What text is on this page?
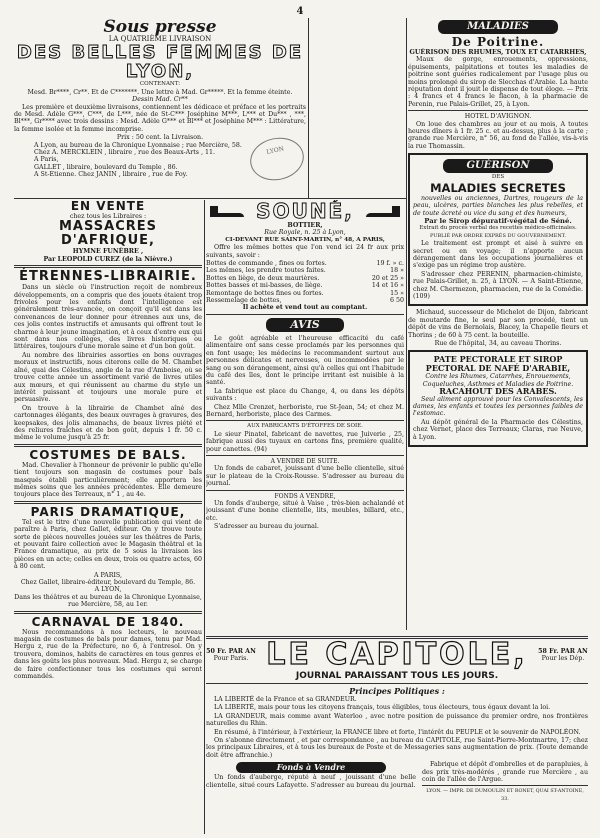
4
Sous presse
LA QUATRIÈME LIVRAISON
DES BELLES FEMMES DE LYON,
CONTENANT:
Mesd. Br****, Cr**. Et de C*******. Une lettre à Mad. Gr*****. Et la femme éteinte.
Dessin Mad. Cr**

Les première et deuxième livraisons, contiennent les dédicace et préface et les portraits de Mesd. Adèle G***, C***, de L***, née de St-C*** Joséphine M***, L*** et Du*** , ***, Bl***, Gr**** avec trois dessins : Mesd. Adèle G*** et Bl*** et Joséphine M*** : Littérature, la femme isolée et la femme incomprise.

Prix : 50 cent. la Livraison.
A Lyon, au bureau de la Chronique Lyonnaise ; rue Mercière, 58.
Chez A. MERCKLEIN , libraire , rue des Beaux-Arts , 11.
A Paris,
GALLET , libraire, boulevard du Temple , 86.
A St-Etienne. Chez JANIN , libraire , rue de Foy.

LYON
EN VENTE
chez tous les Libraires :
MASSACRES D'AFRIQUE,
HYMNE FUNÈBRE ,
Par LEOPOLD CUREZ (de la Nièvre.)
ÉTRENNES-LIBRAIRIE.

Dans un siècle où l'instruction reçoit de nombreux développements, on a compris que des jouets étaient trop frivoles pour les enfants dont l'intelligence est généralement très-avancée, on conçoit qu'il est dans les convenances de leur donner pour étrennes aux uns, de ces jolis contes instructifs et amusants qui offrent tout le charme à leur jeune imagination, et à ceux d'entre eux qui sont dans nos collèges, des livres historiques ou littéraires, toujours d'une morale saine et d'un bon goût.

Au nombre des librairies assorties en bons ouvrages moraux et instructifs, nous citerons celle de M. Chambet aîné, quai des Célestins, angle de la rue d'Amboise, où se trouve cette année un assortiment varié de livres utiles aux mœurs, et qui réunissent au charme du style un intérêt puissant et toujours une morale pure et persuasive.

On trouve à la librairie de Chambet aîné des cartonnages élégants, des beaux ouvrages à gravures, des keepsakes, des jolis almanachs, de beaux livres piété et des reliures fraîches et de bon goût, depuis 1 fr. 50 c. même le volume jusqu'à 25 fr.

COSTUMES DE BALS.

Mad. Chevalier à l'honneur de prévenir le public qu'elle tient toujours son magasin de costumes pour bals masqués établi particulièrement; elle apportera les mêmes soins que les années précédentes. Elle demeure toujours place des Terreaux, n° 1 , au 4e.

PARIS DRAMATIQUE,

Tel est le titre d'une nouvelle publication qui vient de paraître à Paris, chez Gallet, éditeur. On y trouve toute sorte de pièces nouvelles jouées sur les théâtres de Paris, et pouvant faire collection avec le Magasin théâtral et la France dramatique, au prix de 5 sous la livraison les pièces en un acte; celles en deux, trois ou quatre actes, 60 à 80 cent.

A PARIS,
Chez Gallet, libraire-éditeur, boulevard du Temple, 86.
A LYON,
Dans les théâtres et au bureau de la Chronique Lyonnaise, rue Mercière, 58, au 1er.
CARNAVAL DE 1840.

Nous recommandons à nos lecteurs, le nouveau magasin de costumes de bals pour dames, tenu par Mad. Hergu z, rue de la Préfecture, no 6, à l'entresol. On y trouvera, dominos, habits de caractères en tous genres et dans les goûts les plus nouveaux. Mad. Hergu z, se charge de faire confectionner tous les costumes qui seront commandés.

SOUNÉ,
BOTTIER,
Rue Royale, n. 25 à Lyon,
CI-DEVANT RUE SAINT-MARTIN, n° 48, A PARIS,

Offre les mêmes bottes que l'on vend ici 24 fr aux prix suivants, savoir :

Bottes de commande , fines ou fortes.	19 f. » c.
Les mêmes, les prendre toutes faites.	18 »
Bottes en liège, de deux maurières.	20 et 25 »
Bottes basses et mi-basses, de liège.	14 et 16 »
Remontage de bottes fines ou fortes.	15 »
Ressemelage de bottes,	6 50
Il achète et vend tout au comptant.
AVIS

Le goût agréable et l'heureuse efficacité du café alimentaire ont sans cesse proclamés par les personnes qui en font usage; les médecins le recommandent surtout aux personnes délicates et nerveuses, ou incommodées par le sang ou son dérangement, ainsi qu'à celles qui ont l'habitude du café des îles, dont le principe irritant est nuisible à la santé.

La fabrique est place du Change, 4, ou dans les dépôts suivants :

Chez Mlle Crenzet, herboriste, rue St-Jean, 54; et chez M. Bernard, herboriste, place des Carmes.

AUX FABRICANTS D'ÉTOFFES DE SOIE.

Le sieur Pinatel, fabricant de navettes, rue Juiverie , 25, fabrique aussi des tuyaux en cartons fins, première qualité, pour canettes. (94)

A VENDRE DE SUITE.

Un fonds de cabaret, jouissant d'une belle clientelle, situé sur le plateau de la Croix-Rousse. S'adresser au bureau du journal.

FONDS A VENDRE,

Un fonds d'auberge, situé à Vaise , très-bien achalandé et jouissant d'une bonne clientelle, lits, meubles, billard, etc., etc.

S'adresser au bureau du journal.

MALADIES
De Poitrine.
GUÉRISON DES RHUMES, TOUX ET CATARRHES,

Maux de gorge, enrouements, oppressions, épuisements, palpitations et toutes les maladies de poitrine sont guéries radicalement par l'usage plus ou moins prolongé du sirop de Slecchas d'Arabie. La haute réputation dont il jouit le dispense de tout éloge. — Prix : 4 francs et 4 francs le flacon, à la pharmacie de Perenin, rue Palais-Grillet, 25, à Lyon.

HOTEL D'AVIGNON.

On loue des chambres au jour et au mois, A toutes heures dîners à 1 fr. 25 c. et au-dessus, plus à la carte ; grande rue Mercière, n° 56, au fond de l'allée, vis-à-vis la rue Thomassin.

GUÉRISON
DES
MALADIES SECRETES

nouvelles ou anciennes, Dartres, rougeurs de la peau, ulcères, parties blanches les plus rebelles, et de toute âcreté ou vice du sang et des humeurs,

Par le Sirop dépuratif-végétal de Séné.
Extrait du procès verbal des recettes médico-officinales.
PUBLIÉ PAR ORDRE EXPRÈS DU GOUVERNEMENT.

Le traitement est prompt et aisé à suivre en secret ou en voyage; il n'apporte aucun dérangement dans les occupations journalières et s'exige pas un régime trop austère.

S'adresser chez PERENIN, pharmacien-chimiste, rue Palais-Grillet, n. 25, à LYON. — A Saint-Etienne, chez M. Chermezon, pharmacien, rue de la Comédie. (109)

Michaud, successeur de Michelot de Dijon, fabricant de moutarde fine, le seul par son procédé, tient un dépôt de vins de Bernolais, Blacey, la Chapelle fleurs et Thorins ; de 60 à 75 cent. la bouteille.

Rue de l'hôpital, 34, au caveau Thorins.
PATE PECTORALE ET SIROP PECTORAL DE NAFÉ D'ARABIE,
Contre les Rhumes, Catarrhes, Enrouements, Coqueluches, Asthmes et Maladies de Poitrine.
RACAHOUT DES ARABES.

Seul aliment approuvé pour les Convalescents, les dames, les enfants et toutes les personnes faibles de l'estomac.

Au dépôt général de la Pharmacie des Célestins, chez Vernet, place des Terreaux; Claras, rue Neuve, à Lyon.

50 Fr. PAR AN
Pour Paris. LE CAPITOLE, 58 Fr. PAR AN
Pour les Dép.
JOURNAL PARAISSANT TOUS LES JOURS.
Principes Politiques :

LA LIBERTÉ de la France et sa GRANDEUR.

LA LIBERTÉ, mais pour tous les citoyens français, tous éligibles, tous électeurs, tous égaux devant la loi.

LA GRANDEUR, mais comme avant Waterloo , avec notre position de puissance du premier ordre, nos frontières naturelles du Rhin.

En résumé, à l'intérieur, à l'extérieur, la FRANCE libre et forte, l'intérêt du PEUPLE et le souvenir de NAPOLÉON.

On s'abonne directement , et par correspondance , au bureau du CAPITOLE, rue Saint-Pierre-Montmartre, 17; chez les principaux Libraires, et à tous les bureaux de Poste et de Messageries sans augmentation de prix. (Toute demande doit être affranchie.)

Fonds à Vendre

Un fonds d'auberge, réputé à neuf , jouissant d'une belle clientelle, situé cours Lafayette. S'adresser au bureau du journal.

Fabrique et dépôt d'ombrelles et de parapluies, à des prix très-modérés , grande rue Mercière , au coin de l'allée de l'Argue.

LYON. — IMPR. DE DUMOULIN ET RONET, QUAI ST-ANTOINE, 33.
